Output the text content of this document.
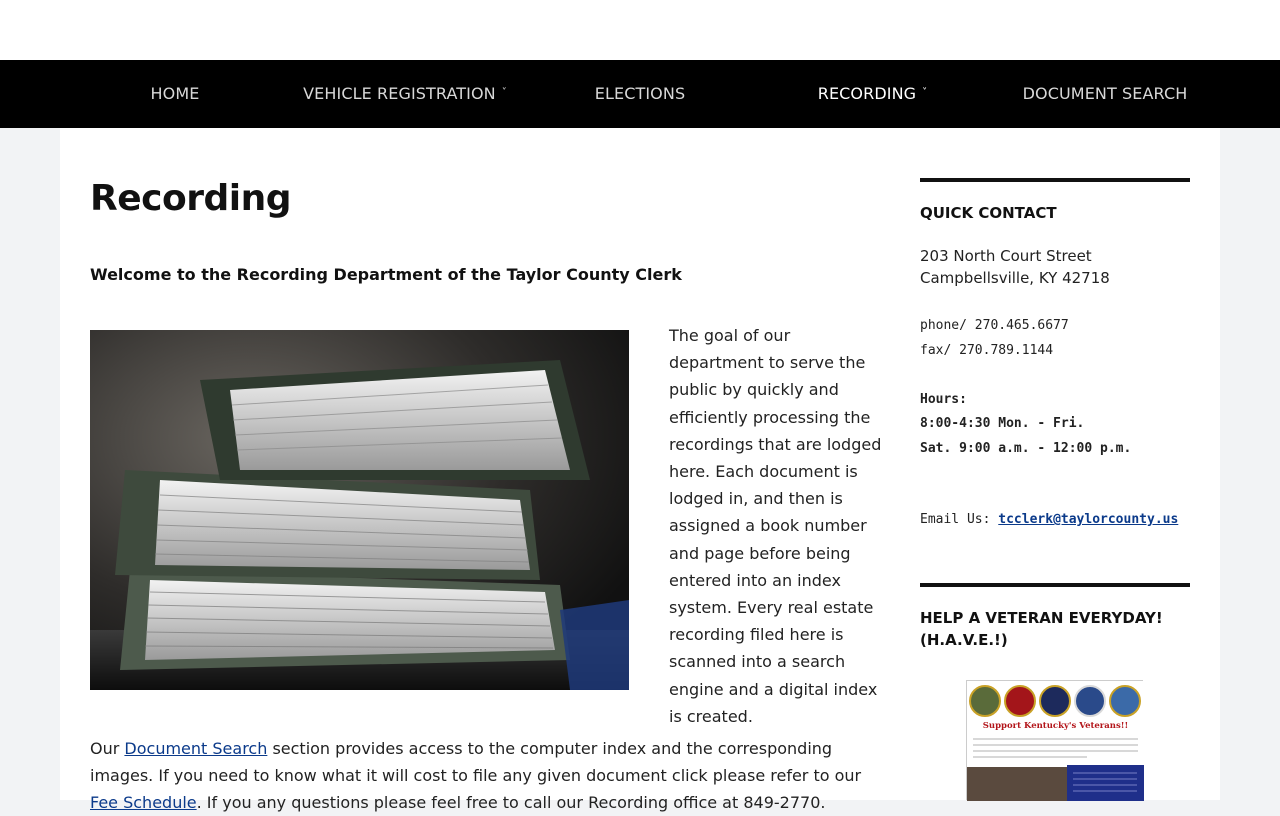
HOME	VEHICLE REGISTRATION ˅	ELECTIONS	RECORDING ˅	DOCUMENT SEARCH
Recording

Welcome to the Recording Department of the Taylor County Clerk

The goal of our department to serve the public by quickly and efficiently processing the recordings that are lodged here. Each document is lodged in, and then is assigned a book number and page before being entered into an index system. Every real estate recording filed here is scanned into a search engine and a digital index is created.

Our Document Search section provides access to the computer index and the corresponding images. If you need to know what it will cost to file any given document click please refer to our Fee Schedule. If you any questions please feel free to call our Recording office at 849-2770.

QUICK CONTACT
203 North Court Street
Campbellsville, KY 42718
phone/ 270.465.6677
fax/ 270.789.1144
Hours:
8:00-4:30 Mon. - Fri.
Sat. 9:00 a.m. - 12:00 p.m.
Email Us: tcclerk@taylorcounty.us
HELP A VETERAN EVERYDAY!
(H.A.V.E.!)
Support Kentucky's Veterans!!
